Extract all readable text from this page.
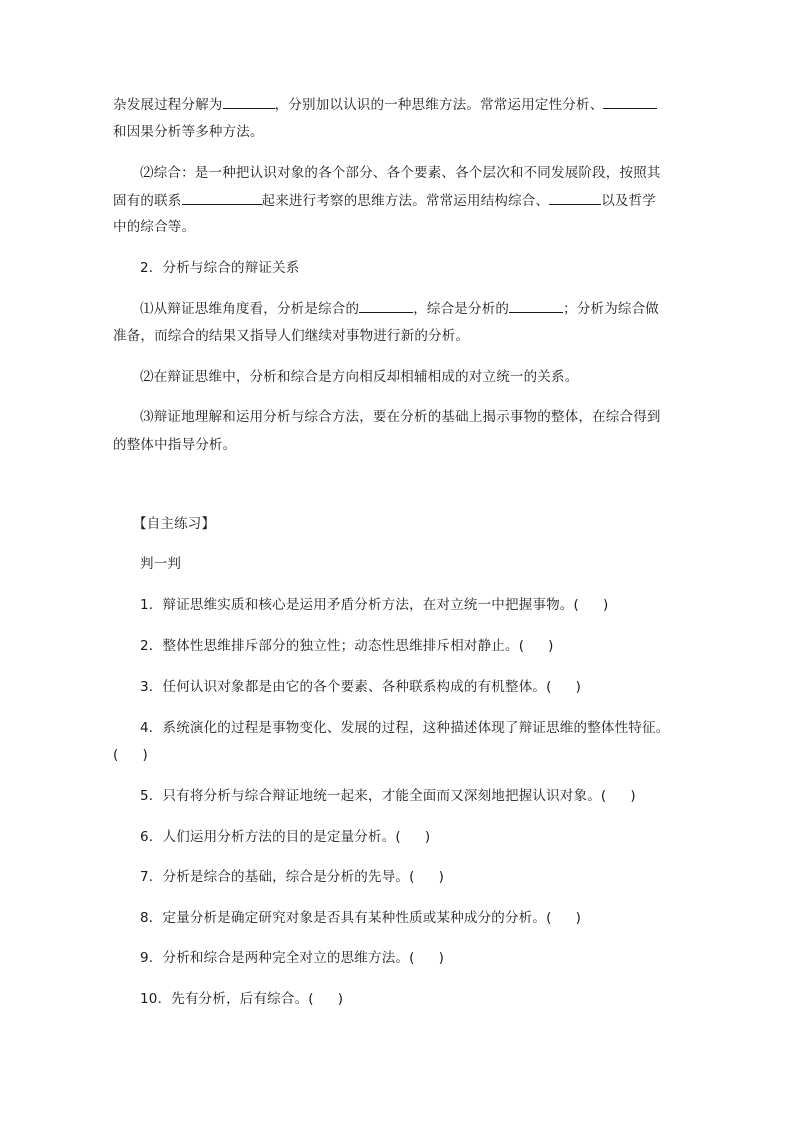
杂发展过程分解为	，分别加以认识的一种思维方法。常常运用定性分析、
和因果分析等多种方法。
⑵综合：是一种把认识对象的各个部分、各个要素、各个层次和不同发展阶段，按照其
固有的联系	起来进行考察的思维方法。常常运用结构综合、	以及哲学
中的综合等。
2．分析与综合的辩证关系
⑴从辩证思维角度看，分析是综合的	，综合是分析的	；分析为综合做
准备，而综合的结果又指导人们继续对事物进行新的分析。
⑵在辩证思维中，分析和综合是方向相反却相辅相成的对立统一的关系。
⑶辩证地理解和运用分析与综合方法，要在分析的基础上揭示事物的整体，在综合得到
的整体中指导分析。
【自主练习】
判一判
1．辩证思维实质和核心是运用矛盾分析方法，在对立统一中把握事物。( )
2．整体性思维排斥部分的独立性；动态性思维排斥相对静止。( )
3．任何认识对象都是由它的各个要素、各种联系构成的有机整体。( )
4．系统演化的过程是事物变化、发展的过程，这种描述体现了辩证思维的整体性特征。
( )
5．只有将分析与综合辩证地统一起来，才能全面而又深刻地把握认识对象。( )
6．人们运用分析方法的目的是定量分析。( )
7．分析是综合的基础，综合是分析的先导。( )
8．定量分析是确定研究对象是否具有某种性质或某种成分的分析。( )
9．分析和综合是两种完全对立的思维方法。( )
10．先有分析，后有综合。( )
